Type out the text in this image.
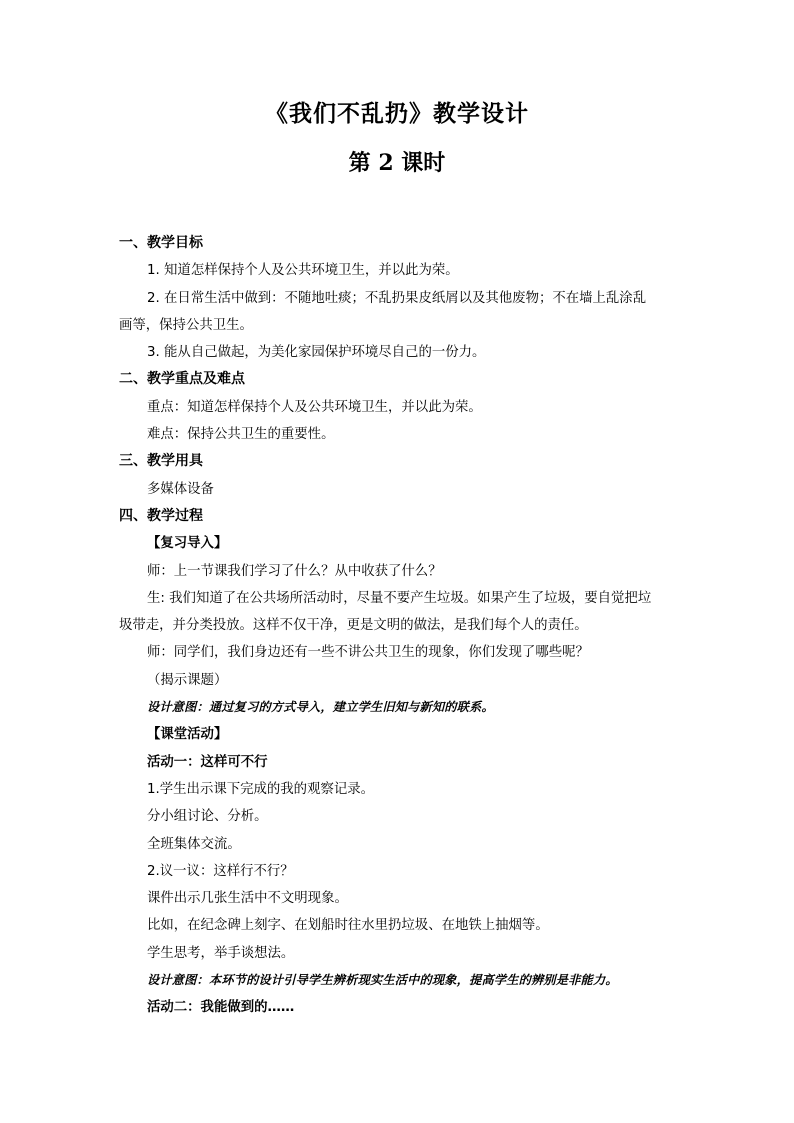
《我们不乱扔》教学设计
第 2 课时
一、教学目标
1. 知道怎样保持个人及公共环境卫生，并以此为荣。
2. 在日常生活中做到：不随地吐痰；不乱扔果皮纸屑以及其他废物；不在墙上乱涂乱
画等，保持公共卫生。
3. 能从自己做起，为美化家园保护环境尽自己的一份力。
二、教学重点及难点
重点：知道怎样保持个人及公共环境卫生，并以此为荣。
难点：保持公共卫生的重要性。
三、教学用具
多媒体设备
四、教学过程
【复习导入】
师：上一节课我们学习了什么？从中收获了什么？
生: 我们知道了在公共场所活动时，尽量不要产生垃圾。如果产生了垃圾，要自觉把垃
圾带走，并分类投放。这样不仅干净，更是文明的做法，是我们每个人的责任。
师：同学们，我们身边还有一些不讲公共卫生的现象，你们发现了哪些呢？
（揭示课题）
设计意图：通过复习的方式导入，建立学生旧知与新知的联系。
【课堂活动】
活动一：这样可不行
1.学生出示课下完成的我的观察记录。
分小组讨论、分析。
全班集体交流。
2.议一议：这样行不行？
课件出示几张生活中不文明现象。
比如，在纪念碑上刻字、在划船时往水里扔垃圾、在地铁上抽烟等。
学生思考，举手谈想法。
设计意图：本环节的设计引导学生辨析现实生活中的现象，提高学生的辨别是非能力。
活动二：我能做到的……
